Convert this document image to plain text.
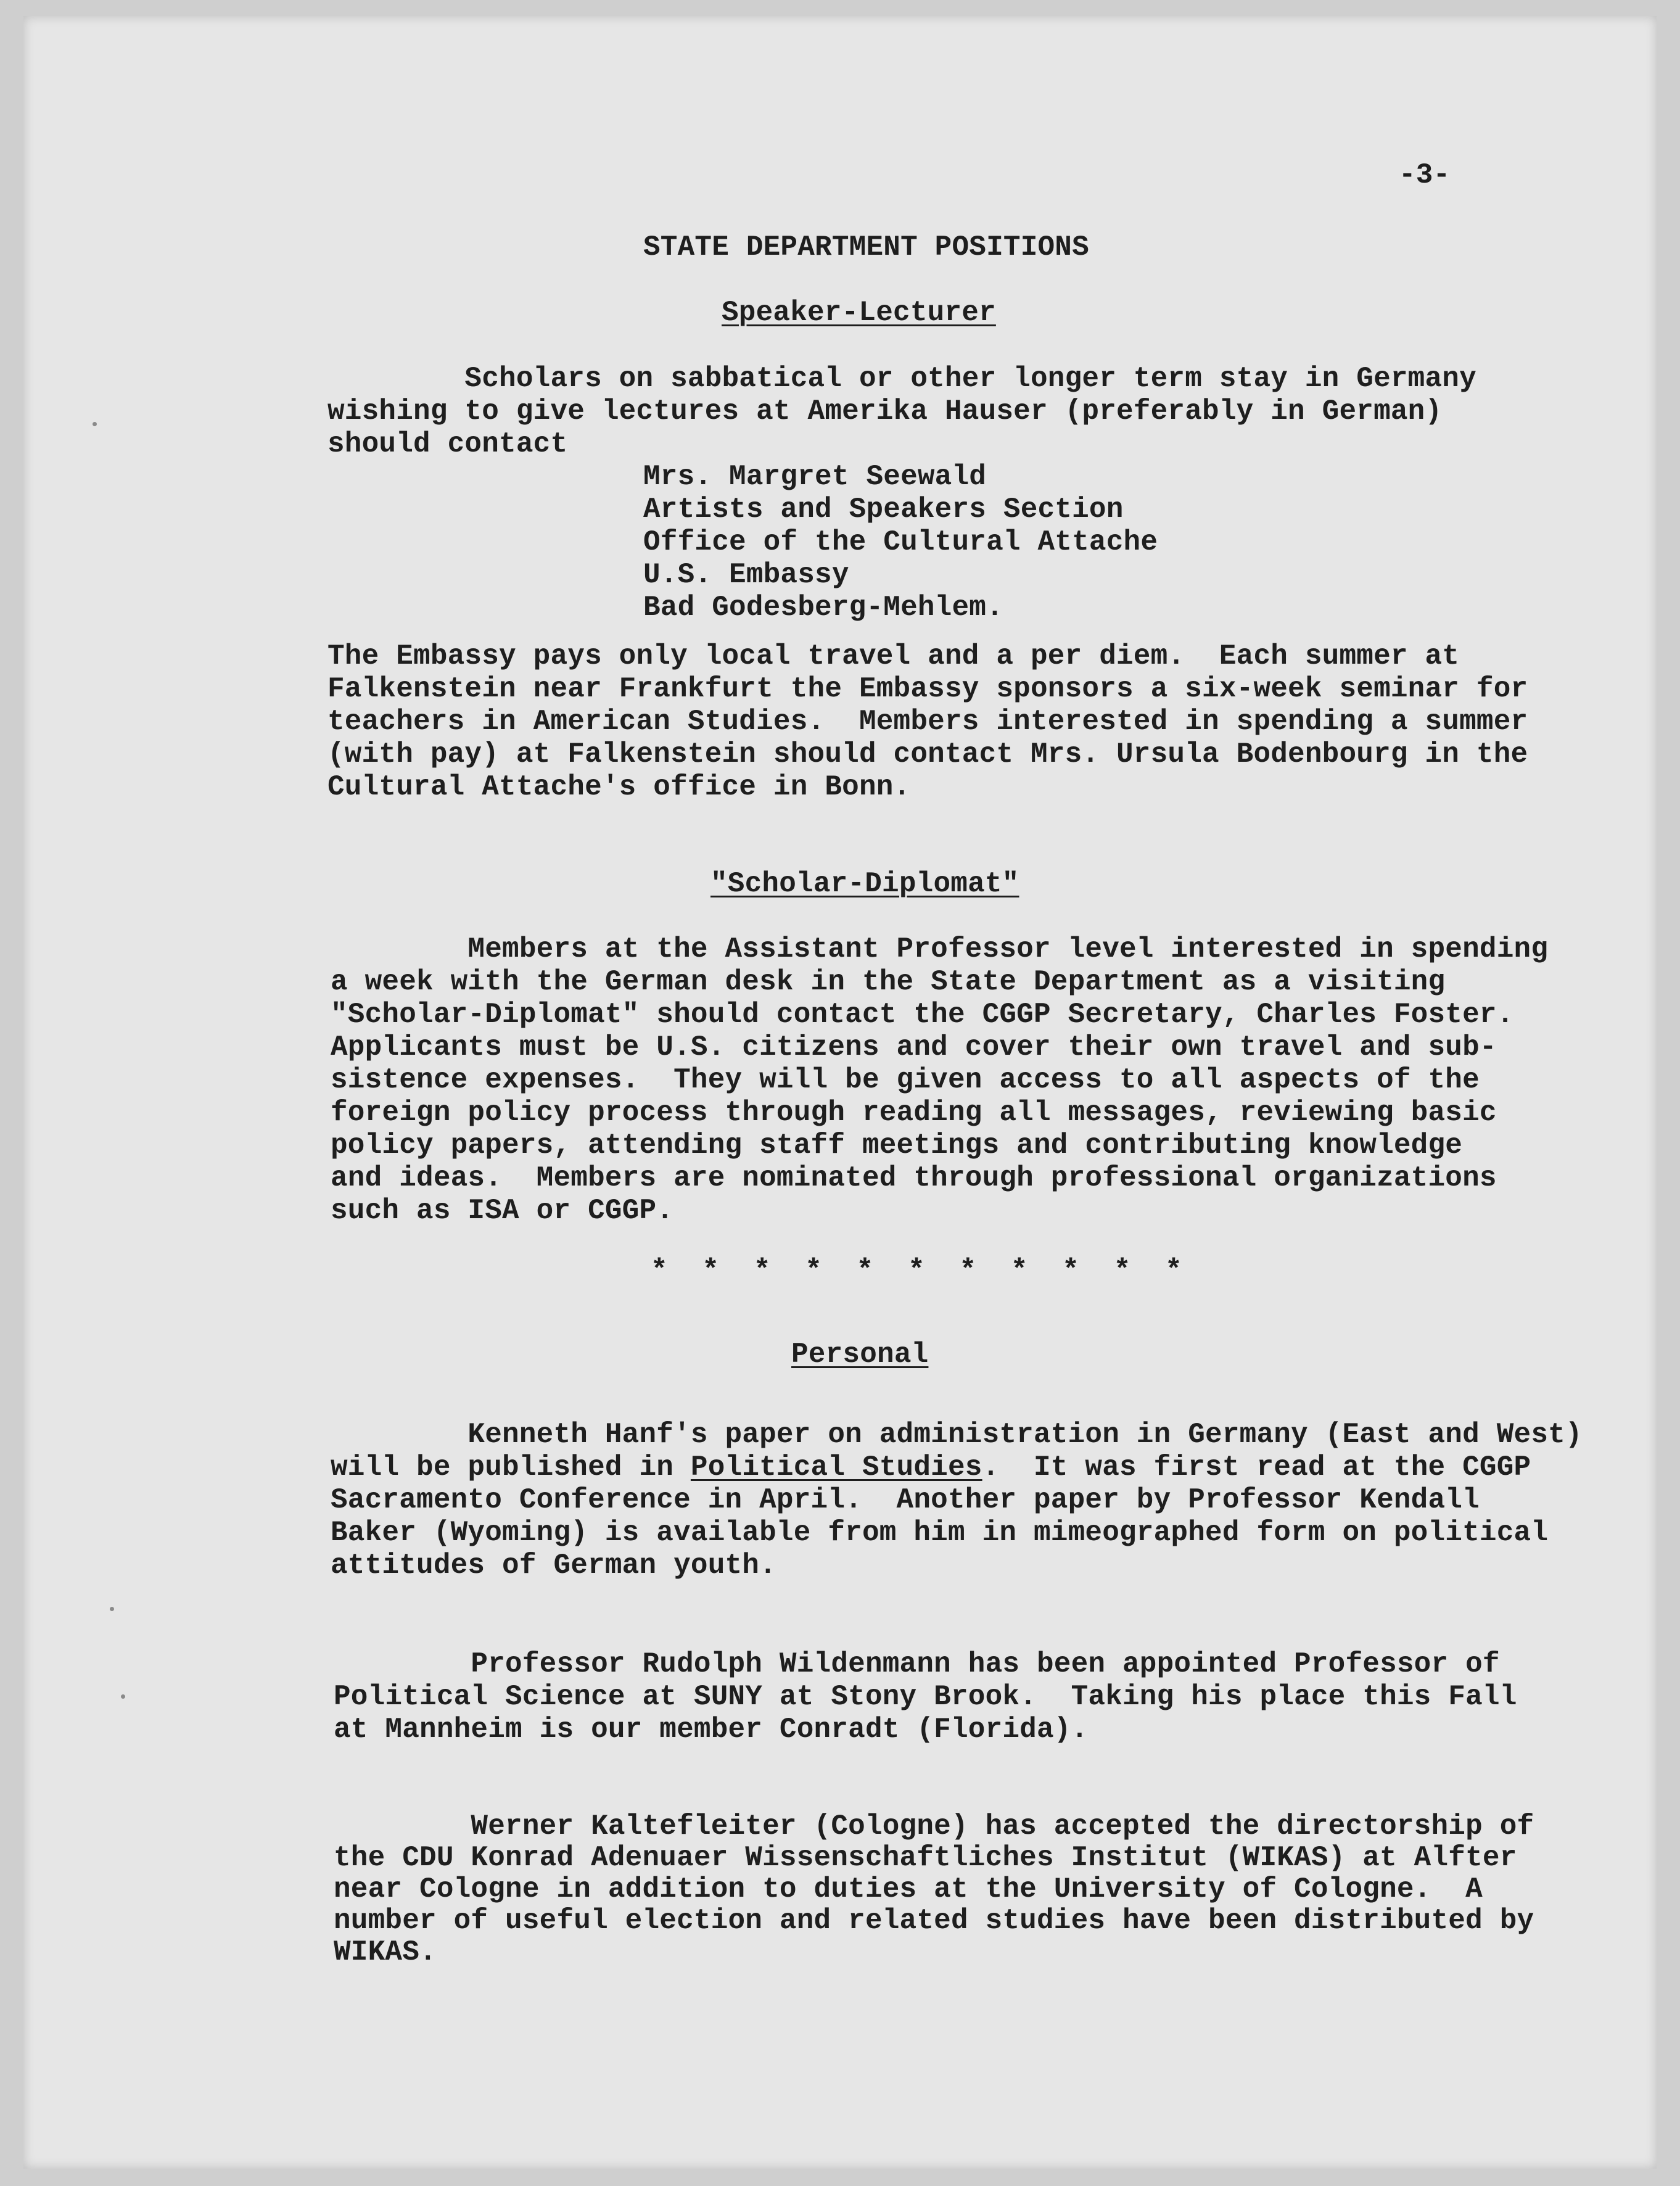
-3-
STATE DEPARTMENT POSITIONS
Speaker-Lecturer
Scholars on sabbatical or other longer term stay in Germany
wishing to give lectures at Amerika Hauser (preferably in German)
should contact
Mrs. Margret Seewald
Artists and Speakers Section
Office of the Cultural Attache
U.S. Embassy
Bad Godesberg-Mehlem.
The Embassy pays only local travel and a per diem.  Each summer at
Falkenstein near Frankfurt the Embassy sponsors a six-week seminar for
teachers in American Studies.  Members interested in spending a summer
(with pay) at Falkenstein should contact Mrs. Ursula Bodenbourg in the
Cultural Attache's office in Bonn.
"Scholar-Diplomat"
Members at the Assistant Professor level interested in spending
a week with the German desk in the State Department as a visiting
"Scholar-Diplomat" should contact the CGGP Secretary, Charles Foster.
Applicants must be U.S. citizens and cover their own travel and sub-
sistence expenses.  They will be given access to all aspects of the
foreign policy process through reading all messages, reviewing basic
policy papers, attending staff meetings and contributing knowledge
and ideas.  Members are nominated through professional organizations
such as ISA or CGGP.
*  *  *  *  *  *  *  *  *  *  *
Personal
Kenneth Hanf's paper on administration in Germany (East and West)
will be published in Political Studies.  It was first read at the CGGP
Sacramento Conference in April.  Another paper by Professor Kendall
Baker (Wyoming) is available from him in mimeographed form on political
attitudes of German youth.
Professor Rudolph Wildenmann has been appointed Professor of
Political Science at SUNY at Stony Brook.  Taking his place this Fall
at Mannheim is our member Conradt (Florida).
Werner Kaltefleiter (Cologne) has accepted the directorship of
the CDU Konrad Adenuaer Wissenschaftliches Institut (WIKAS) at Alfter
near Cologne in addition to duties at the University of Cologne.  A
number of useful election and related studies have been distributed by
WIKAS.
